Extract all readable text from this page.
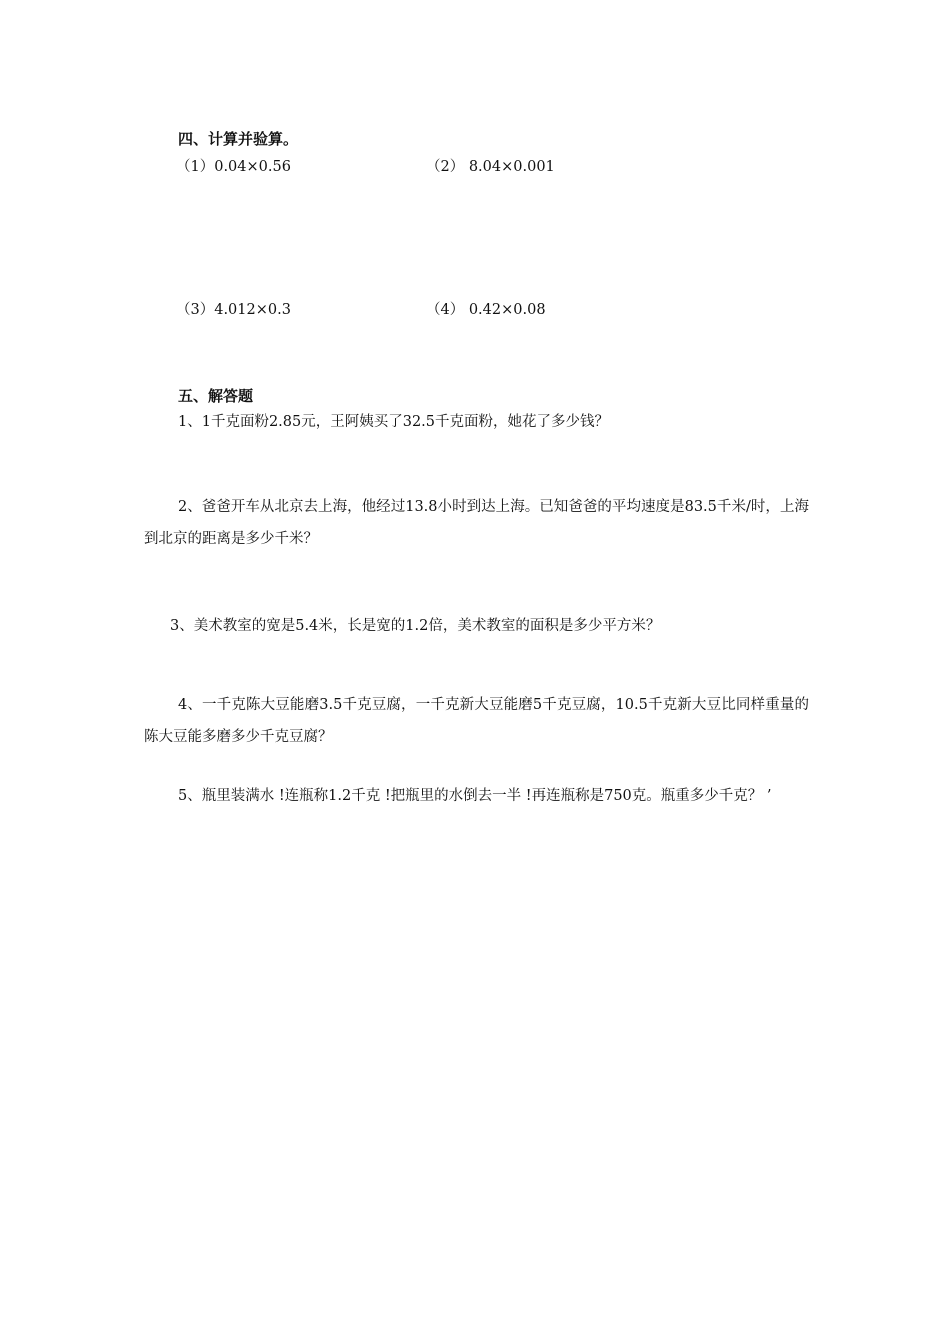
四、计算并验算。
（1）0.04×0.56	（2） 8.04×0.001
（3）4.012×0.3	（4） 0.42×0.08
五、解答题
1、1千克面粉2.85元，王阿姨买了32.5千克面粉，她花了多少钱？
2、爸爸开车从北京去上海，他经过13.8小时到达上海。已知爸爸的平均速度是83.5千米/时，上海到北京的距离是多少千米？
3、美术教室的宽是5.4米，长是宽的1.2倍，美术教室的面积是多少平方米？
4、一千克陈大豆能磨3.5千克豆腐，一千克新大豆能磨5千克豆腐，10.5千克新大豆比同样重量的陈大豆能多磨多少千克豆腐？
5、瓶里装满水 !连瓶称1.2千克 !把瓶里的水倒去一半 !再连瓶称是750克。瓶重多少千克？ ’
